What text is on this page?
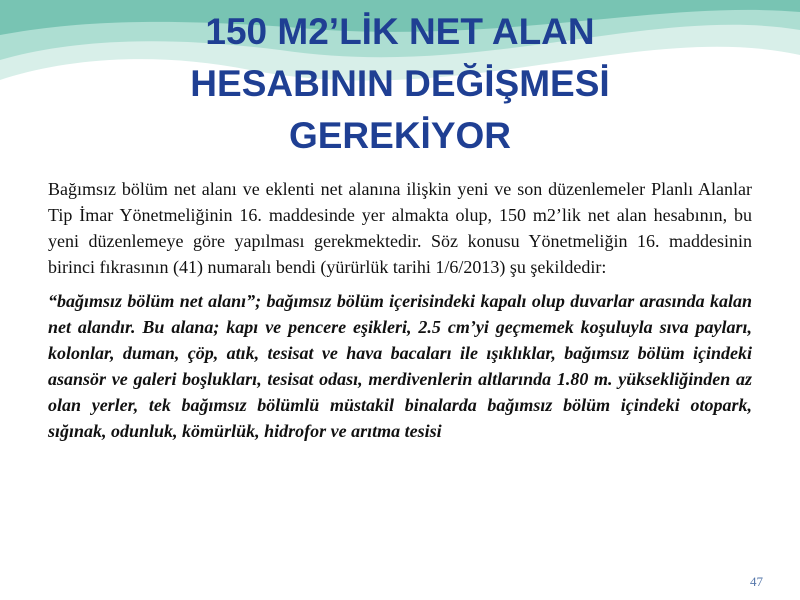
150 M2’LİK NET ALAN
HESABININ DEĞİŞMESİ
GEREKİYOR

Bağımsız bölüm net alanı ve eklenti net alanına ilişkin yeni ve son düzenlemeler Planlı Alanlar Tip İmar Yönetmeliğinin 16. maddesinde yer almakta olup, 150 m2’lik net alan hesabının, bu yeni düzenlemeye göre yapılması gerekmektedir. Söz konusu Yönetmeliğin 16. maddesinin birinci fıkrasının (41) numaralı bendi (yürürlük tarihi 1/6/2013) şu şekildedir:

“bağımsız bölüm net alanı”; bağımsız bölüm içerisindeki kapalı olup duvarlar arasında kalan net alandır. Bu alana; kapı ve pencere eşikleri, 2.5 cm’yi geçmemek koşuluyla sıva payları, kolonlar, duman, çöp, atık, tesisat ve hava bacaları ile ışıklıklar, bağımsız bölüm içindeki asansör ve galeri boşlukları, tesisat odası, merdivenlerin altlarında 1.80 m. yüksekliğinden az olan yerler, tek bağımsız bölümlü müstakil binalarda bağımsız bölüm içindeki otopark, sığınak, odunluk, kömürlük, hidrofor ve arıtma tesisi

47
